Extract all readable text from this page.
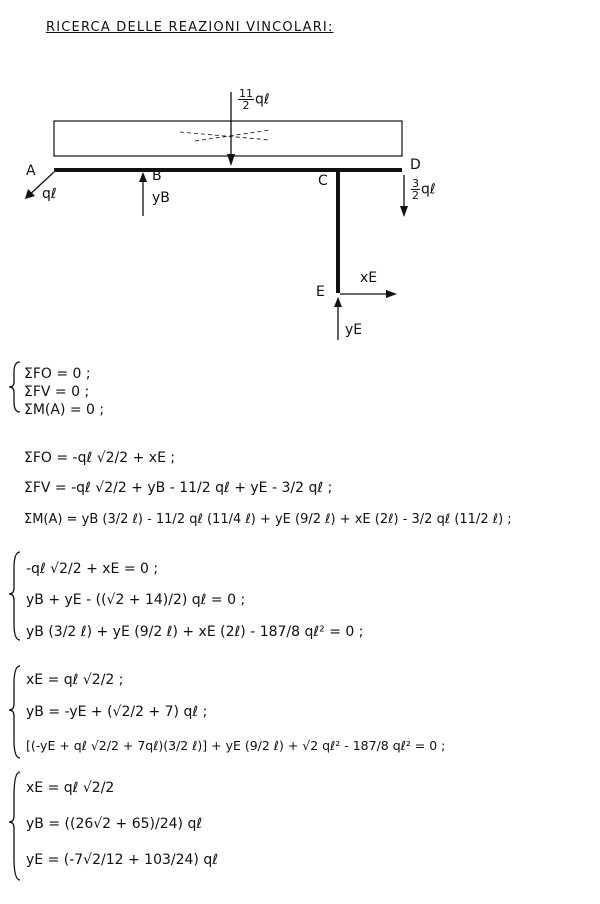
RICERCA DELLE REAZIONI VINCOLARI:
$\frac{11}{2}$ qℓ
A
qℓ
B
yB
C
D
$\frac{3}{2}$ qℓ
E
xE
yE
ΣFO = 0 ;
ΣFV = 0 ;
ΣM(A) = 0 ;
ΣFO = -qℓ √2/2 + xE ;
ΣFV = -qℓ √2/2 + yB - 11/2 qℓ + yE - 3/2 qℓ ;
ΣM(A) = yB (3/2 ℓ) - 11/2 qℓ (11/4 ℓ) + yE (9/2 ℓ) + xE (2ℓ) - 3/2 qℓ (11/2 ℓ) ;
-qℓ √2/2 + xE = 0 ;
yB + yE - ((√2 + 14)/2) qℓ = 0 ;
yB (3/2 ℓ) + yE (9/2 ℓ) + xE (2ℓ) - 187/8 qℓ² = 0 ;
xE = qℓ √2/2 ;
yB = -yE + (√2/2 + 7) qℓ ;
[(-yE + qℓ √2/2 + 7qℓ)(3/2 ℓ)] + yE (9/2 ℓ) + √2 qℓ² - 187/8 qℓ² = 0 ;
xE = qℓ √2/2
yB = ((26√2 + 65)/24) qℓ
yE = (-7√2/12 + 103/24) qℓ
